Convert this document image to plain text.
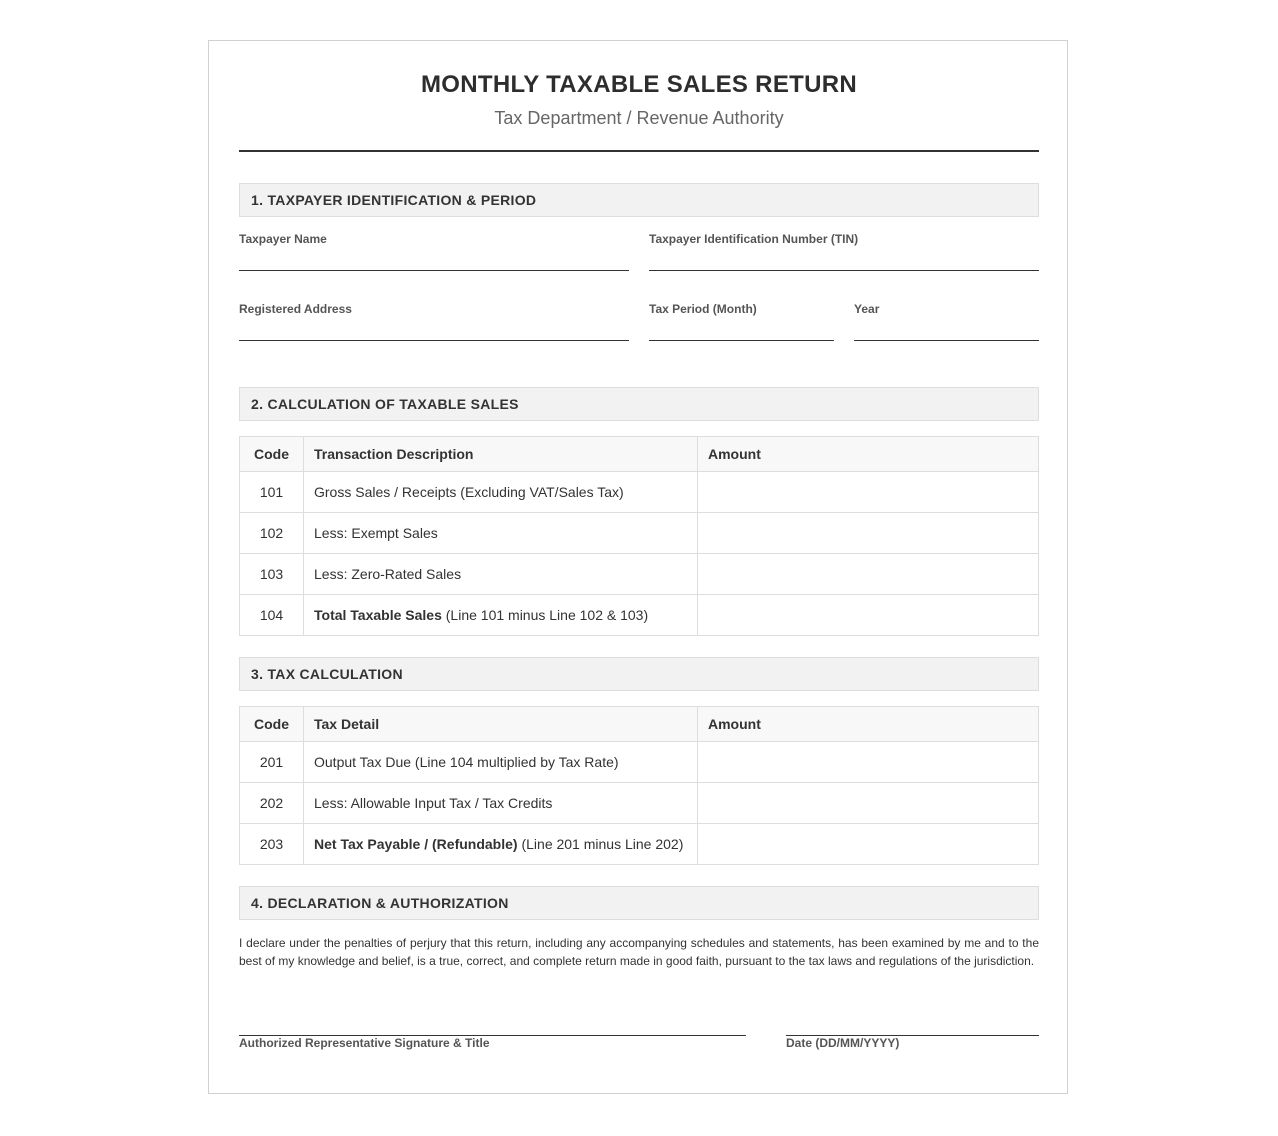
MONTHLY TAXABLE SALES RETURN
Tax Department / Revenue Authority
1. TAXPAYER IDENTIFICATION & PERIOD
Taxpayer Name	Taxpayer Identification Number (TIN)
Registered Address	Tax Period (Month)	Year
2. CALCULATION OF TAXABLE SALES
Code	Transaction Description	Amount
101	Gross Sales / Receipts (Excluding VAT/Sales Tax)	
102	Less: Exempt Sales	
103	Less: Zero-Rated Sales	
104	Total Taxable Sales (Line 101 minus Line 102 & 103)	
3. TAX CALCULATION
Code	Tax Detail	Amount
201	Output Tax Due (Line 104 multiplied by Tax Rate)	
202	Less: Allowable Input Tax / Tax Credits	
203	Net Tax Payable / (Refundable) (Line 201 minus Line 202)	
4. DECLARATION & AUTHORIZATION
I declare under the penalties of perjury that this return, including any accompanying schedules and statements, has been examined by me and to the best of my knowledge and belief, is a true, correct, and complete return made in good faith, pursuant to the tax laws and regulations of the jurisdiction.
Authorized Representative Signature & Title	Date (DD/MM/YYYY)
